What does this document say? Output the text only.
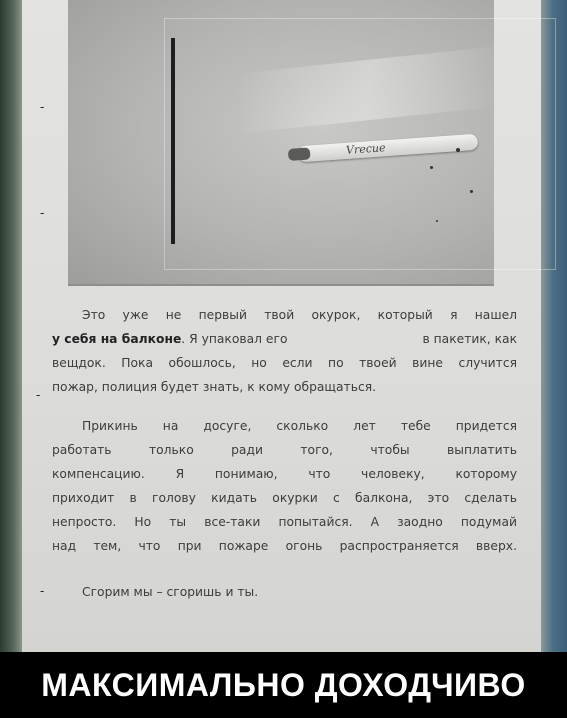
Vrecue
Это уже не первый твой окурок, который я нашел
у себя на балконе. Я упаковал его	в пакетик, как
вещдок. Пока обошлось, но если по твоей вине случится
пожар, полиция будет знать, к кому обращаться.
-
Прикинь на досуге, сколько лет тебе придется
работать только ради того, чтобы выплатить
компенсацию. Я понимаю, что человеку, которому
приходит в голову кидать окурки с балкона, это сделать
непросто. Но ты все-таки попытайся. А заодно подумай
над тем, что при пожаре огонь распространяется вверх.
Сгорим мы – сгоришь и ты.
-
-
-
МАКСИМАЛЬНО ДОХОДЧИВО
